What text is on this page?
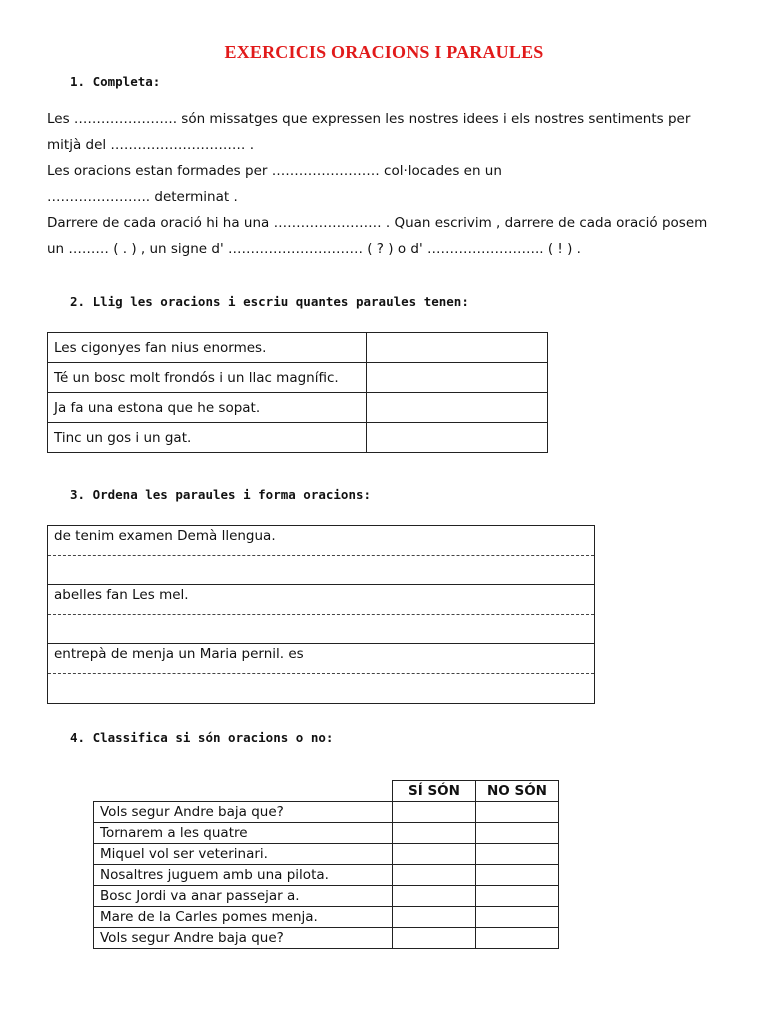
EXERCICIS ORACIONS I PARAULES
1. Completa:

Les ………………….. són missatges que expressen les nostres idees i els nostres sentiments per

mitjà del ………………………… .

Les oracions estan formades per …………………… col·locades en un

………………….. determinat .

Darrere de cada oració hi ha una …………………… . Quan escrivim , darrere de cada oració posem

un ……… ( . ) , un signe d' ………………………… ( ? ) o d' …………………….. ( ! ) .

2. Llig les oracions i escriu quantes paraules tenen:
Les cigonyes fan nius enormes.	
Té un bosc molt frondós i un llac magnífic.	
Ja fa una estona que he sopat.	
Tinc un gos i un gat.	
3. Ordena les paraules i forma oracions:
de tenim examen Demà llengua.
abelles fan Les mel.
entrepà de menja un Maria pernil. es
4. Classifica si són oracions o no:
	SÍ SÓN	NO SÓN
Vols segur Andre baja que?		
Tornarem a les quatre		
Miquel vol ser veterinari.		
Nosaltres juguem amb una pilota.		
Bosc Jordi va anar passejar a.		
Mare de la Carles pomes menja.		
Vols segur Andre baja que?		
